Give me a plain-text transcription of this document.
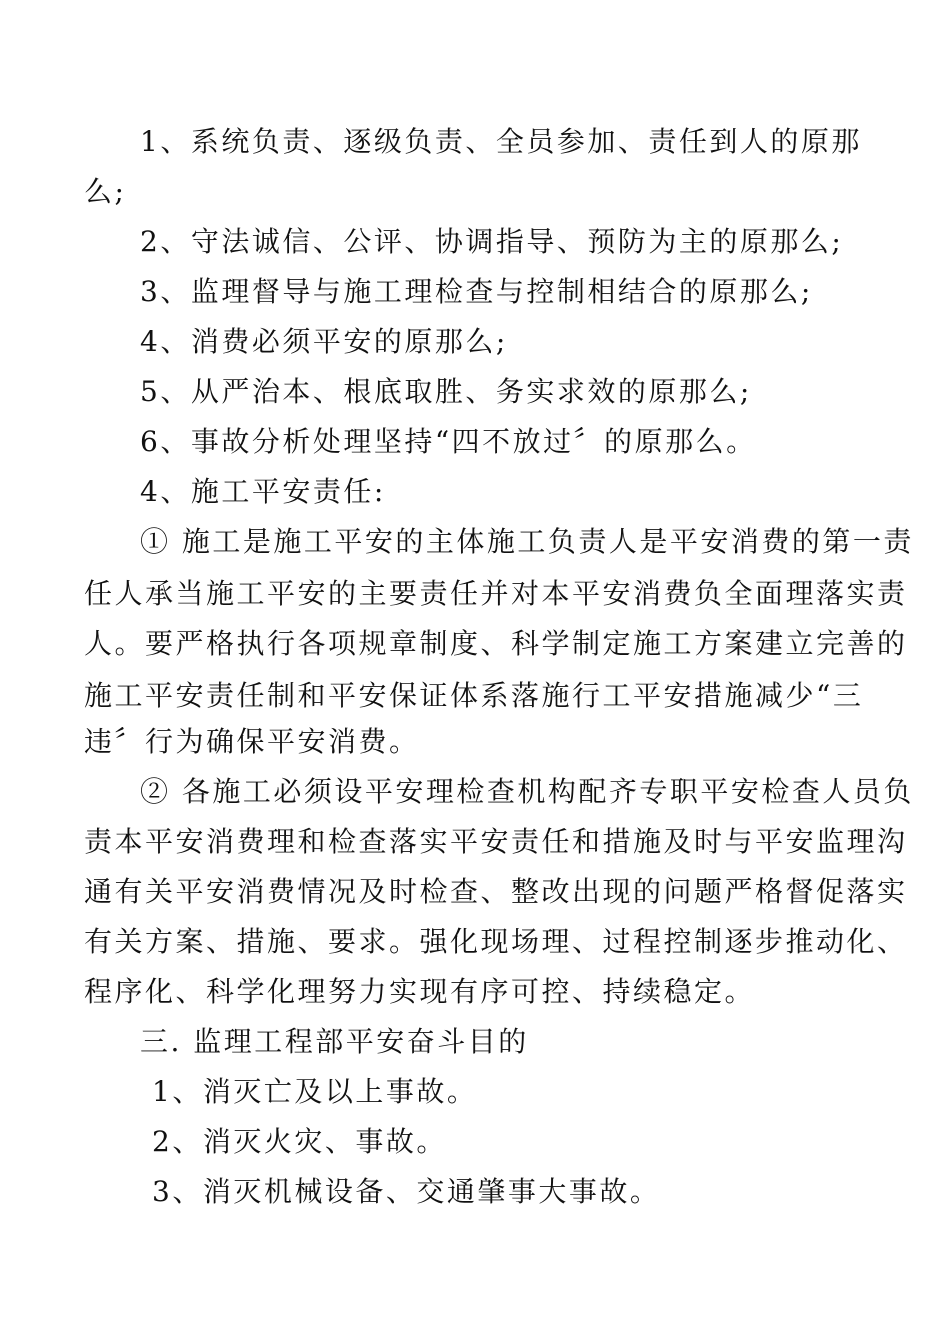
1、系统负责、逐级负责、全员参加、责任到人的原那
么;
2、守法诚信、公评、协调指导、预防为主的原那么;
3、监理督导与施工理检查与控制相结合的原那么;
4、消费必须平安的原那么;
5、从严治本、根底取胜、务实求效的原那么;
6、事故分析处理坚持“四不放过〞的原那么。
4、施工平安责任:
① 施工是施工平安的主体施工负责人是平安消费的第一责
任人承当施工平安的主要责任并对本平安消费负全面理落实责
人。要严格执行各项规章制度、科学制定施工方案建立完善的
施工平安责任制和平安保证体系落施行工平安措施减少“三
违〞行为确保平安消费。
② 各施工必须设平安理检查机构配齐专职平安检查人员负
责本平安消费理和检查落实平安责任和措施及时与平安监理沟
通有关平安消费情况及时检查、整改出现的问题严格督促落实
有关方案、措施、要求。强化现场理、过程控制逐步推动化、
程序化、科学化理努力实现有序可控、持续稳定。
三. 监理工程部平安奋斗目的
1、消灭亡及以上事故。
2、消灭火灾、事故。
3、消灭机械设备、交通肇事大事故。
